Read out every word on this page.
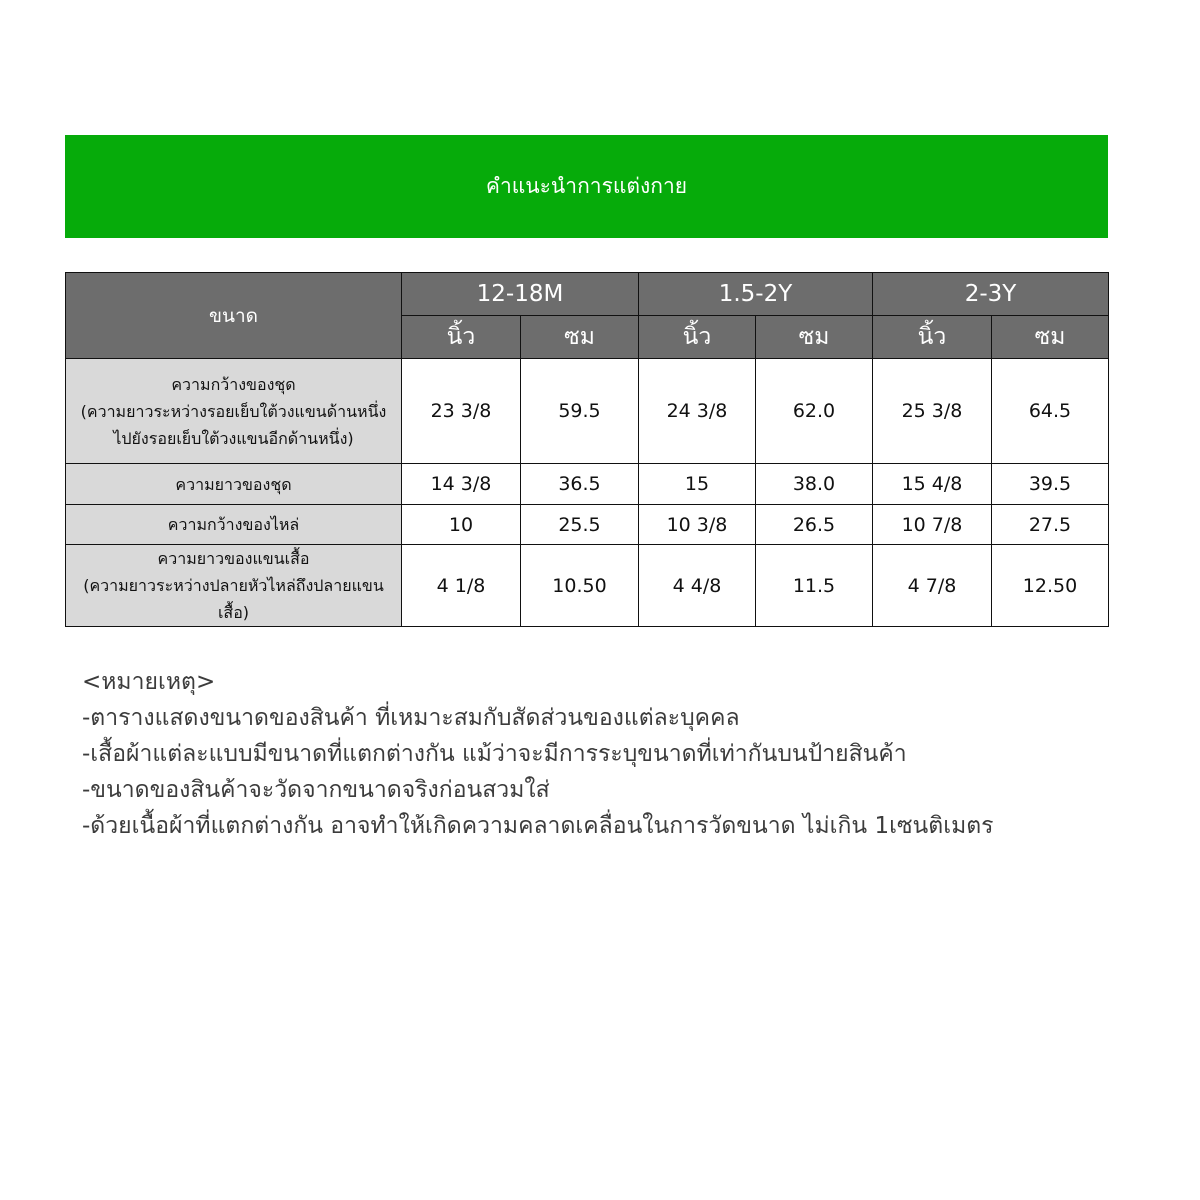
คำแนะนำการแต่งกาย
ขนาด	12-18M		1.5-2Y		2-3Y	
	นิ้ว	ซม	นิ้ว	ซม	นิ้ว	ซม

ความกว้างของชุด
(ความยาวระหว่างรอยเย็บใต้วงแขนด้านหนึ่ง
ไปยังรอยเย็บใต้วงแขนอีกด้านหนึ่ง)	23 3/8	59.5	24 3/8	62.0	25 3/8	64.5

ความยาวของชุด	14 3/8	36.5	15	38.0	15 4/8	39.5

ความกว้างของไหล่	10	25.5	10 3/8	26.5	10 7/8	27.5

ความยาวของแขนเสื้อ
(ความยาวระหว่างปลายหัวไหล่ถึงปลายแขน
เสื้อ)	4 1/8	10.50	4 4/8	11.5	4 7/8	12.50
<หมายเหตุ>
-ตารางแสดงขนาดของสินค้า ที่เหมาะสมกับสัดส่วนของแต่ละบุคคล
-เสื้อผ้าแต่ละแบบมีขนาดที่แตกต่างกัน แม้ว่าจะมีการระบุขนาดที่เท่ากันบนป้ายสินค้า
-ขนาดของสินค้าจะวัดจากขนาดจริงก่อนสวมใส่
-ด้วยเนื้อผ้าที่แตกต่างกัน อาจทำให้เกิดความคลาดเคลื่อนในการวัดขนาด ไม่เกิน 1เซนติเมตร
